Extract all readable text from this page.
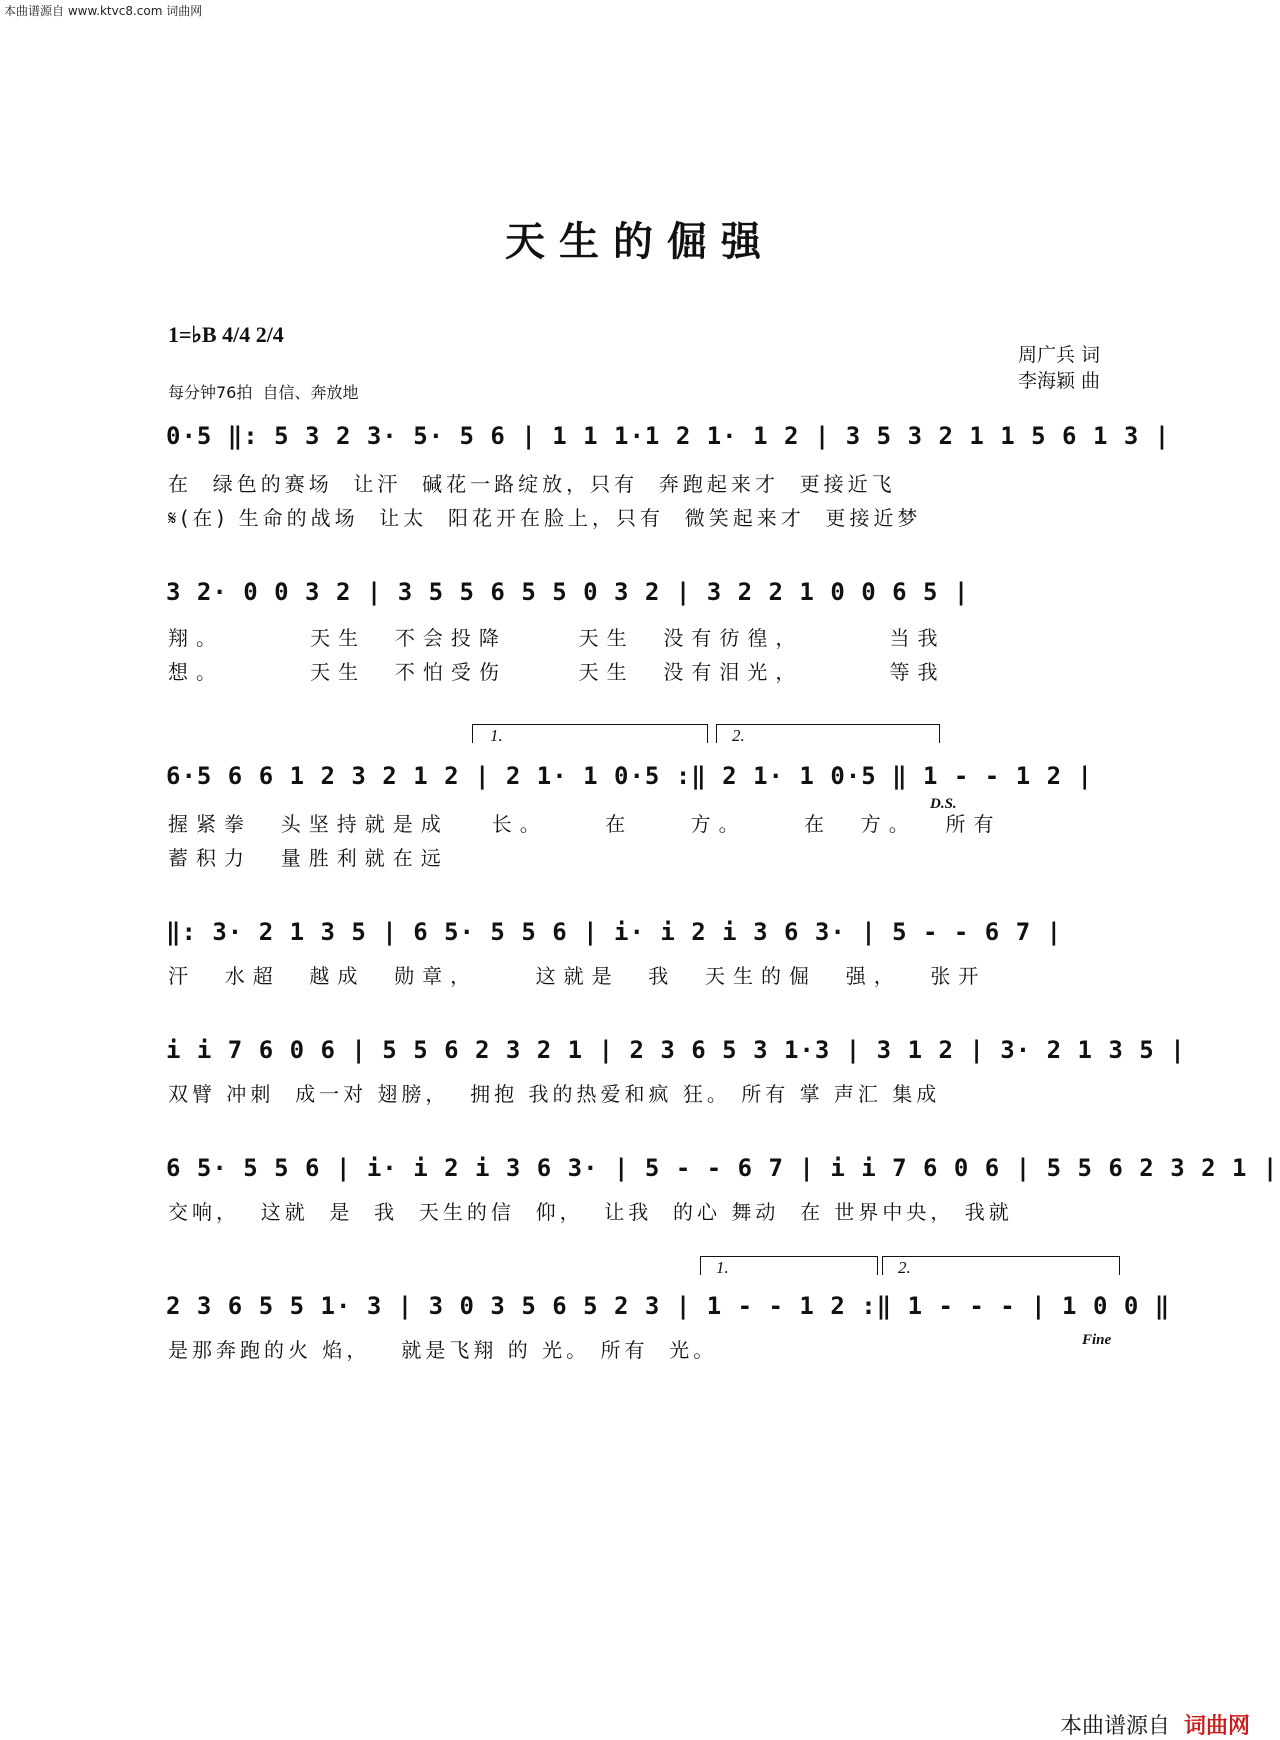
本曲谱源自 www.ktvc8.com 词曲网
天生的倔强
1=♭B 4/4 2/4
每分钟76拍  自信、奔放地
周广兵 词
李海颖 曲
0·5 ‖: 5 3 2 3· 5· 5 6 | 1 1 1·1 2 1· 1 2 | 3 5 3 2 1 1 5 6 1 3 |
在  绿色的赛场  让汗  碱花一路绽放，只有  奔跑起来才  更接近飞
𝄋(在) 生命的战场  让太  阳花开在脸上，只有  微笑起来才  更接近梦
3 2· 0 0 3 2 | 3 5 5 6 5 5 0 3 2 | 3 2 2 1 0 0 6 5 |
翔。      天生  不会投降     天生  没有彷徨，      当我
想。      天生  不怕受伤     天生  没有泪光，      等我
1.	2.
6·5 6 6 1 2 3 2 1 2 | 2 1· 1 0·5 :‖ 2 1· 1 0·5 ‖ 1 - - 1 2 |
D.S.
握紧拳  头坚持就是成   长。    在    方。    在  方。  所有
蓄积力  量胜利就在远
‖: 3· 2 1 3 5 | 6 5· 5 5 6 | i· i 2 i 3 6 3· | 5 - - 6 7 |
汗  水超  越成  勋章，    这就是  我  天生的倔  强，  张开
i i 7 6 0 6 | 5 5 6 2 3 2 1 | 2 3 6 5 3 1·3 | 3 1 2 | 3· 2 1 3 5 |
双臂 冲刺  成一对 翅膀，  拥抱 我的热爱和疯 狂。 所有 掌 声汇 集成
6 5· 5 5 6 | i· i 2 i 3 6 3· | 5 - - 6 7 | i i 7 6 0 6 | 5 5 6 2 3 2 1 |
交响，  这就  是  我  天生的信  仰，  让我  的心 舞动  在 世界中央， 我就
1.	2.
2 3 6 5 5 1· 3 | 3 0 3 5 6 5 2 3 | 1 - - 1 2 :‖ 1 - - - | 1 0 0 ‖
Fine
是那奔跑的火 焰，   就是飞翔 的 光。 所有  光。

本曲谱源自 词曲网
